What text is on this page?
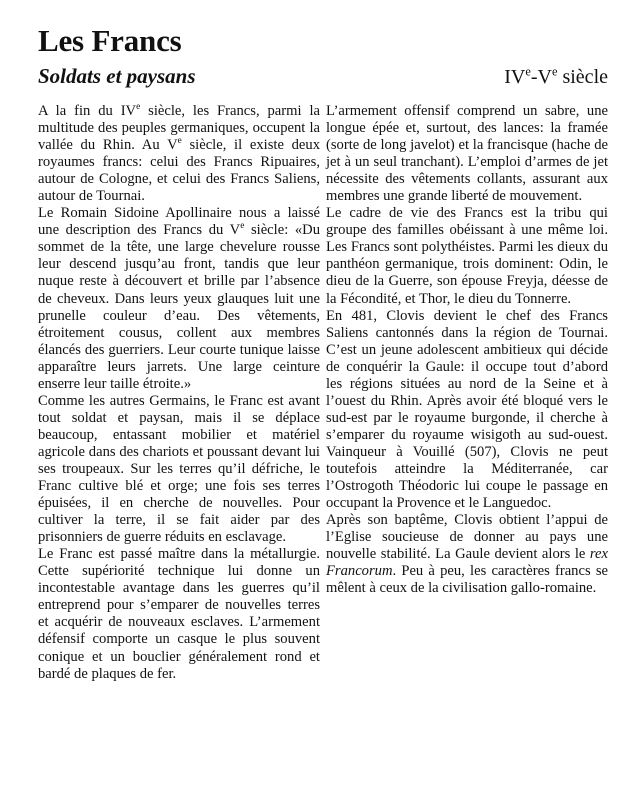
Les Francs
Soldats et paysans	IVe-Ve siècle

A la fin du IVe siècle, les Francs, parmi la multitude des peuples germaniques, occupent la vallée du Rhin. Au Ve siècle, il existe deux royaumes francs: celui des Francs Ripuaires, autour de Cologne, et celui des Francs Saliens, autour de Tournai.

Le Romain Sidoine Apollinaire nous a laissé une description des Francs du Ve siècle: «Du sommet de la tête, une large chevelure rousse leur descend jusqu’au front, tandis que leur nuque reste à découvert et brille par l’absence de cheveux. Dans leurs yeux glauques luit une prunelle couleur d’eau. Des vêtements, étroitement cousus, collent aux membres élancés des guerriers. Leur courte tunique laisse apparaître leurs jarrets. Une large ceinture enserre leur taille étroite.»

Comme les autres Germains, le Franc est avant tout soldat et paysan, mais il se déplace beaucoup, entassant mobilier et matériel agricole dans des chariots et poussant devant lui ses troupeaux. Sur les terres qu’il défriche, le Franc cultive blé et orge; une fois ses terres épuisées, il en cherche de nouvelles. Pour cultiver la terre, il se fait aider par des prisonniers de guerre réduits en esclavage.

Le Franc est passé maître dans la métallurgie. Cette supériorité technique lui donne un incontestable avantage dans les guerres qu’il entreprend pour s’emparer de nouvelles terres et acquérir de nouveaux esclaves. L’armement défensif comporte un casque le plus souvent conique et un bouclier généralement rond et bardé de plaques de fer.

L’armement offensif comprend un sabre, une longue épée et, surtout, des lances: la framée (sorte de long javelot) et la francisque (hache de jet à un seul tranchant). L’emploi d’armes de jet nécessite des vêtements collants, assurant aux membres une grande liberté de mouvement.

Le cadre de vie des Francs est la tribu qui groupe des familles obéissant à une même loi. Les Francs sont polythéistes. Parmi les dieux du panthéon germanique, trois dominent: Odin, le dieu de la Guerre, son épouse Freyja, déesse de la Fécondité, et Thor, le dieu du Tonnerre.

En 481, Clovis devient le chef des Francs Saliens cantonnés dans la région de Tournai. C’est un jeune adolescent ambitieux qui décide de conquérir la Gaule: il occupe tout d’abord les régions situées au nord de la Seine et à l’ouest du Rhin. Après avoir été bloqué vers le sud-est par le royaume burgonde, il cherche à s’emparer du royaume wisigoth au sud-ouest. Vainqueur à Vouillé (507), Clovis ne peut toutefois atteindre la Méditerranée, car l’Ostrogoth Théodoric lui coupe le passage en occupant la Provence et le Languedoc.

Après son baptême, Clovis obtient l’appui de l’Eglise soucieuse de donner au pays une nouvelle stabilité. La Gaule devient alors le rex Francorum. Peu à peu, les caractères francs se mêlent à ceux de la civilisation gallo-romaine.
